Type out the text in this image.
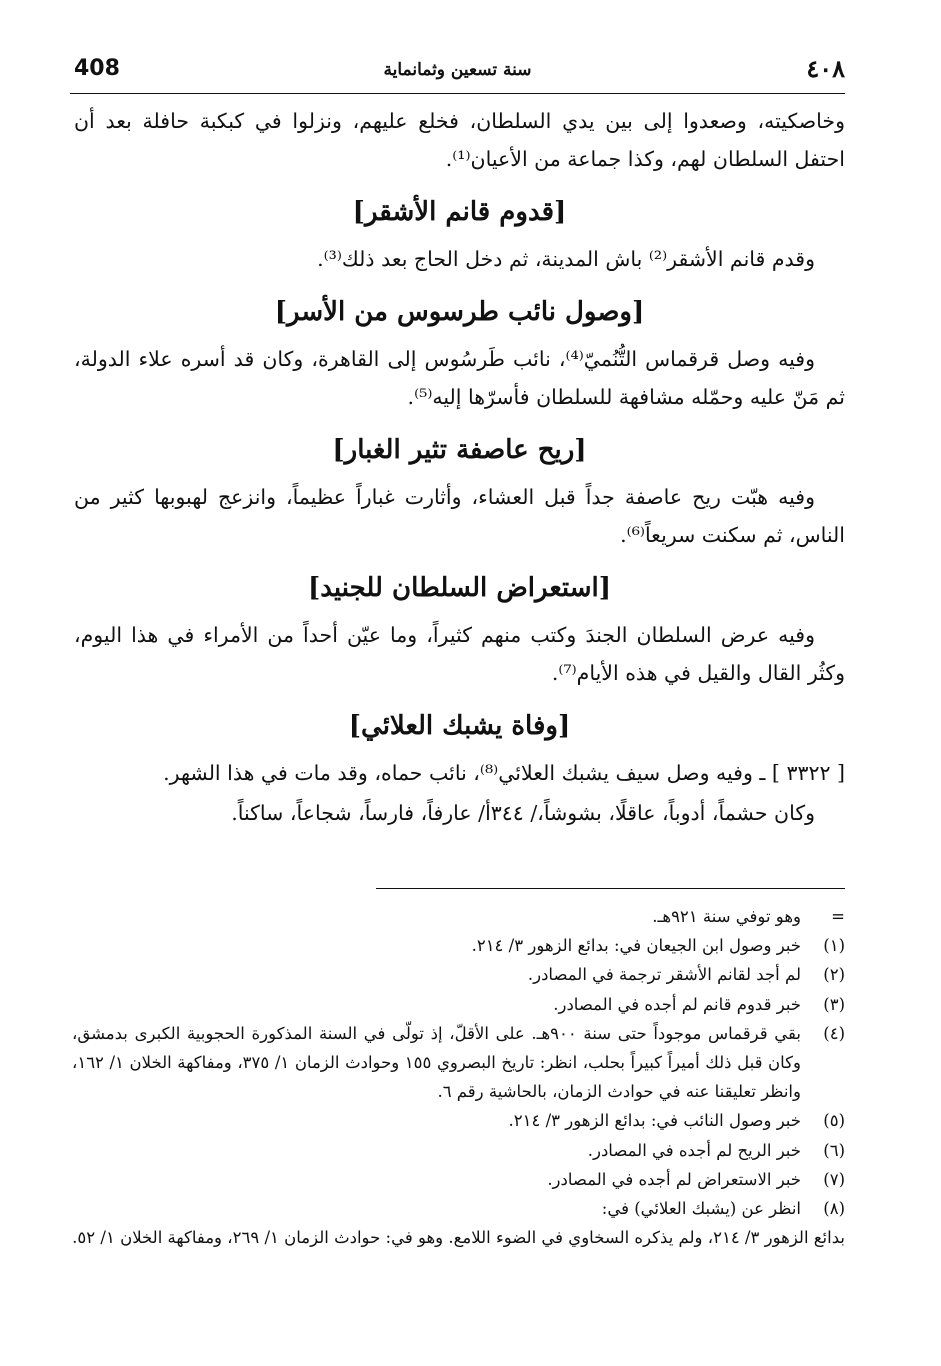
408	سنة تسعين وثمانماية	٤٠٨

وخاصكيته، وصعدوا إلى بين يدي السلطان، فخلع عليهم، ونزلوا في كبكبة حافلة بعد أن احتفل السلطان لهم، وكذا جماعة من الأعيان⁽¹⁾.

[قدوم قانم الأشقر]

وقدم قانم الأشقر⁽²⁾ باش المدينة، ثم دخل الحاج بعد ذلك⁽³⁾.

[وصول نائب طرسوس من الأسر]

وفيه وصل قرقماس التُّنُميّ⁽⁴⁾، نائب طَرسُوس إلى القاهرة، وكان قد أسره علاء الدولة، ثم مَنّ عليه وحمّله مشافهة للسلطان فأسرّها إليه⁽⁵⁾.

[ريح عاصفة تثير الغبار]

وفيه هبّت ريح عاصفة جداً قبل العشاء، وأثارت غباراً عظيماً، وانزعج لهبوبها كثير من الناس، ثم سكنت سريعاً⁽⁶⁾.

[استعراض السلطان للجنيد]

وفيه عرض السلطان الجندَ وكتب منهم كثيراً، وما عيّن أحداً من الأمراء في هذا اليوم، وكثُر القال والقيل في هذه الأيام⁽⁷⁾.

[وفاة يشبك العلائي]

[ ٣٣٢٢ ] ـ وفيه وصل سيف يشبك العلائي⁽⁸⁾، نائب حماه، وقد مات في هذا الشهر.

وكان حشماً، أدوباً، عاقلًا، بشوشاً،/ ٣٤٤أ/ عارفاً، فارساً، شجاعاً، ساكناً.

=
وهو توفي سنة ٩٢١هـ.
(١)
خبر وصول ابن الجيعان في: بدائع الزهور ٣/ ٢١٤.
(٢)
لم أجد لقانم الأشقر ترجمة في المصادر.
(٣)
خبر قدوم قانم لم أجده في المصادر.
(٤)
بقي قرقماس موجوداً حتى سنة ٩٠٠هـ. على الأقلّ، إذ تولّى في السنة المذكورة الحجوبية الكبرى بدمشق، وكان قبل ذلك أميراً كبيراً بحلب، انظر: تاريخ البصروي ١٥٥ وحوادث الزمان ١/ ٣٧٥، ومفاكهة الخلان ١/ ١٦٢، وانظر تعليقنا عنه في حوادث الزمان، بالحاشية رقم ٦.
(٥)
خبر وصول النائب في: بدائع الزهور ٣/ ٢١٤.
(٦)
خبر الريح لم أجده في المصادر.
(٧)
خبر الاستعراض لم أجده في المصادر.
(٨)
انظر عن (يشبك العلائي) في:
بدائع الزهور ٣/ ٢١٤، ولم يذكره السخاوي في الضوء اللامع. وهو في: حوادث الزمان ١/ ٢٦٩، ومفاكهة الخلان ١/ ٥٢.
